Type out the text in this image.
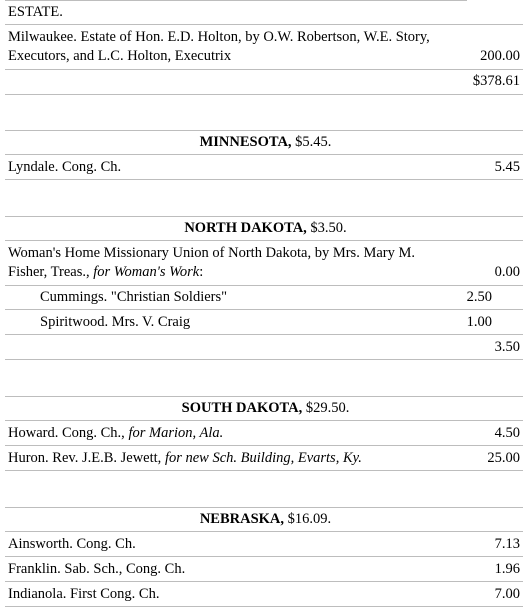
ESTATE.
Milwaukee. Estate of Hon. E.D. Holton, by O.W. Robertson, W.E. Story,
Executors, and L.C. Holton, Executrix	200.00
$378.61
MINNESOTA, $5.45.
Lyndale. Cong. Ch.	5.45
NORTH DAKOTA, $3.50.
Woman's Home Missionary Union of North Dakota, by Mrs. Mary M.
Fisher, Treas., for Woman's Work:	0.00
Cummings. "Christian Soldiers"	2.50
Spiritwood. Mrs. V. Craig	1.00
3.50
SOUTH DAKOTA, $29.50.
Howard. Cong. Ch., for Marion, Ala.	4.50
Huron. Rev. J.E.B. Jewett, for new Sch. Building, Evarts, Ky.	25.00
NEBRASKA, $16.09.
Ainsworth. Cong. Ch.	7.13
Franklin. Sab. Sch., Cong. Ch.	1.96
Indianola. First Cong. Ch.	7.00
